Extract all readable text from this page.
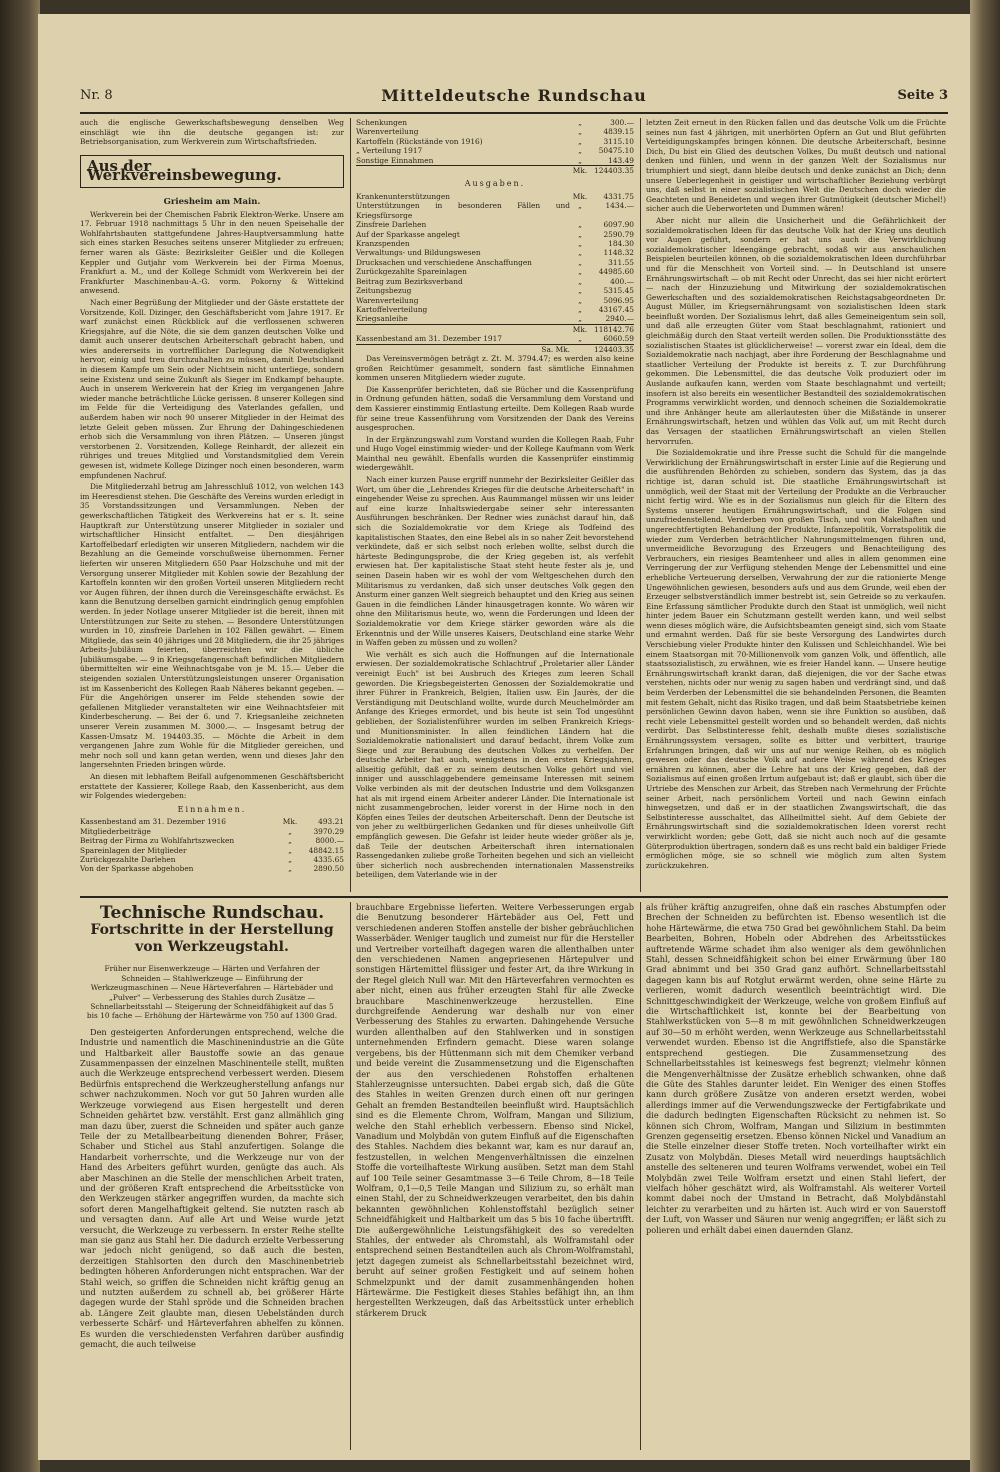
Nr. 8	Mitteldeutsche Rundschau	Seite 3

auch die englische Gewerkschaftsbewegung denselben Weg einschlägt wie ihn die deutsche gegangen ist: zur Betriebsorganisation, zum Werkverein zum Wirtschaftsfrieden.

Aus der Werkvereinsbewegung.
Griesheim am Main.

Werkverein bei der Chemischen Fabrik Elektron-Werke. Unsere am 17. Februar 1918 nachmittags 5 Uhr in den neuen Speisehalle der Wohlfahrtsbauten stattgefundene Jahres-Hauptversammlung hatte sich eines starken Besuches seitens unserer Mitglieder zu erfreuen; ferner waren als Gäste: Bezirksleiter Geißler und die Kollegen Keppler und Gutjahr vom Werkverein bei der Firma Moenus, Frankfurt a. M., und der Kollege Schmidt vom Werkverein bei der Frankfurter Maschinenbau-A.-G. vorm. Pokorny & Wittekind anwesend.

Nach einer Begrüßung der Mitglieder und der Gäste erstattete der Vorsitzende, Koll. Dizinger, den Geschäftsbericht vom Jahre 1917. Er warf zunächst einen Rückblick auf die verflossenen schweren Kriegsjahre, auf die Nöte, die sie dem ganzen deutschen Volke und damit auch unserer deutschen Arbeiterschaft gebracht haben, und wies andererseits in vortrefflicher Darlegung die Notwendigkeit hervor, einig und treu durchzuhalten zu müssen, damit Deutschland in diesem Kampfe um Sein oder Nichtsein nicht unterliege, sondern seine Existenz und seine Zukunft als Sieger im Endkampf behaupte. Auch in unserem Werkverein hat der Krieg im vergangenen Jahre wieder manche beträchtliche Lücke gerissen. 8 unserer Kollegen sind im Felde für die Verteidigung des Vaterlandes gefallen, und außerdem haben wir noch 90 unserer Mitglieder in der Heimat des letzte Geleit geben müssen. Zur Ehrung der Dahingeschiedenen erhob sich die Versammlung von ihren Plätzen. — Unseren jüngst verstorbenen 2. Vorsitzenden, Kollege Reinhardt, der allezeit ein rühriges und treues Mitglied und Vorstandsmitglied dem Verein gewesen ist, widmete Kollege Dizinger noch einen besonderen, warm empfundenen Nachruf.

Die Mitgliederzahl betrug am Jahresschluß 1012, von welchen 143 im Heeresdienst stehen. Die Geschäfte des Vereins wurden erledigt in 35 Vorstandssitzungen und Versammlungen. Neben der gewerkschaftlichen Tätigkeit des Werkvereins hat er s. It. seine Hauptkraft zur Unterstützung unserer Mitglieder in sozialer und wirtschaftlicher Hinsicht entfaltet. — Den diesjährigen Kartoffelbedarf erledigten wir unseren Mitgliedern, nachdem wir die Bezahlung an die Gemeinde vorschußweise übernommen. Ferner lieferten wir unseren Mitgliedern 650 Paar Holzschuhe und mit der Versorgung unserer Mitglieder mit Kohlen sowie der Bezahlung der Kartoffeln konnten wir den großen Vorteil unseren Mitgliedern recht vor Augen führen, der ihnen durch die Vereinsgeschäfte erwächst. Es kann die Benutzung derselben garnicht eindringlich genug empfohlen werden. In jeder Notlage unserer Mitglieder ist die bereit, ihnen mit Unterstützungen zur Seite zu stehen. — Besondere Unterstützungen wurden in 10, zinsfreie Darlehen in 102 Fällen gewährt. — Einem Mitgliede, das sein 40 jähriges und 28 Mitgliedern, die ihr 25 jähriges Arbeits-Jubiläum feierten, überreichten wir die übliche Jubiläumsgabe. — 9 in Kriegsgefangenschaft befindlichen Mitgliedern übermittelten wir eine Weihnachtsgabe von je M. 15.— Ueber die steigenden sozialen Unterstützungsleistungen unserer Organisation ist im Kassenbericht des Kollegen Raab Näheres bekannt gegeben. — Für die Angehörigen unserer im Felde stehenden sowie der gefallenen Mitglieder veranstalteten wir eine Weihnachtsfeier mit Kinderbescherung. — Bei der 6. und 7. Kriegsanleihe zeichneten unserer Verein zusammen M. 3000.—. — Insgesamt betrug der Kassen-Umsatz M. 194403.35. — Möchte die Arbeit in dem vergangenen Jahre zum Wohle für die Mitglieder gereichen, und mehr noch soll und kann getan werden, wenn und dieses Jahr den langersehnten Frieden bringen würde.

An diesen mit lebhaftem Beifall aufgenommenen Geschäftsbericht erstattete der Kassierer, Kollege Raab, den Kassenbericht, aus dem wir Folgendes wiedergeben:

Einnahmen.
Kassenbestand am 31. Dezember 1916	Mk.	493.21
Mitgliederbeiträge	„	3970.29
Beitrag der Firma zu Wohlfahrtszwecken	„	8000.—
Spareinlagen der Mitglieder	„	48842.15
Zurückgezahlte Darlehen	„	4335.65
Von der Sparkasse abgehoben	„	2890.50
Schenkungen	„	300.—
Warenverteilung	„	4839.15
Kartoffeln (Rückstände von 1916)	„	3115.10
„ Verteilung 1917	„	50475.10
Sonstige Einnahmen	„	143.49
	Mk.	124403.35
Ausgaben.
Krankenunterstützungen	Mk.	4331.75
Unterstützungen in besonderen Fällen und Kriegsfürsorge	„	1434.—
Zinsfreie Darlehen	„	6097.90
Auf der Sparkasse angelegt	„	2590.79
Kranzspenden	„	184.30
Verwaltungs- und Bildungswesen	„	1148.32
Drucksachen und verschiedene Anschaffungen	„	311.55
Zurückgezahlte Spareinlagen	„	44985.60
Beitrag zum Bezirksverband	„	400.—
Zeitungsbezug	„	5315.45
Warenverteilung	„	5096.95
Kartoffelverteilung	„	43167.45
Kriegsanleihe	„	2940.—
	Mk.	118142.76
Kassenbestand am 31. Dezember 1917	„	6060.59
Sa. Mk.		124403.35

Das Vereinsvermögen beträgt z. Zt. M. 3794.47; es werden also keine großen Reichtümer gesammelt, sondern fast sämtliche Einnahmen kommen unseren Mitgliedern wieder zugute.

Die Kassenprüfer berichteten, daß sie Bücher und die Kassenprüfung in Ordnung gefunden hätten, sodaß die Versammlung dem Vorstand und dem Kassierer einstimmig Entlastung erteilte. Dem Kollegen Raab wurde für seine treue Kassenführung vom Vorsitzenden der Dank des Vereins ausgesprochen.

In der Ergänzungswahl zum Vorstand wurden die Kollegen Raab, Fuhr und Hugo Vogel einstimmig wieder- und der Kollege Kaufmann vom Werk Mainthal neu gewählt. Ebenfalls wurden die Kassenprüfer einstimmig wiedergewählt.

Nach einer kurzen Pause ergriff nunmehr der Bezirksleiter Geißler das Wort, um über die „Lehrendes Krieges für die deutsche Arbeiterschaft" in eingehender Weise zu sprechen. Aus Raummangel müssen wir uns leider auf eine kurze Inhaltswiedergabe seiner sehr interessanten Ausführungen beschränken. Der Redner wies zunächst darauf hin, daß sich die Sozialdemokratie vor dem Kriege als Todfeind des kapitalistischen Staates, den eine Bebel als in so naher Zeit bevorstehend verkündete, daß er sich selbst noch erleben wollte, selbst durch die härteste Bedingungsprobe, die der Krieg gegeben ist, als verfehlt erwiesen hat. Der kapitalistische Staat steht heute fester als je, und seinen Dasein haben wir es wohl der vom Weltgeschehen durch den Militarismus zu verdanken, daß sich unser deutsches Volk gegen den Ansturm einer ganzen Welt siegreich behauptet und den Krieg aus seinen Gauen in die feindlichen Länder hinausgetragen konnte. Wo wären wir ohne den Militarismus heute, wo, wenn die Forderungen und Ideen der Sozialdemokratie vor dem Kriege stärker geworden wäre als die Erkenntnis und der Wille unseres Kaisers, Deutschland eine starke Wehr in Waffen geben zu müssen und zu wollen?

Wie verhält es sich auch die Hoffnungen auf die Internationale erwiesen. Der sozialdemokratische Schlachtruf „Proletarier aller Länder vereinigt Euch" ist bei Ausbruch des Krieges zum leeren Schall geworden. Die Kriegsbegeisterten Genossen der Sozialdemokratie und ihrer Führer in Frankreich, Belgien, Italien usw. Ein Jaurès, der die Verständigung mit Deutschland wollte, wurde durch Meuchelmörder am Anfange des Krieges ermordet, und bis heute ist sein Tod ungesühnt geblieben, der Sozialistenführer wurden im selben Frankreich Kriegs- und Munitionsminister. In allen feindlichen Ländern hat die Sozialdemokratie nationalisiert und darauf bedacht, ihrem Volke zum Siege und zur Beraubung des deutschen Volkes zu verhelfen. Der deutsche Arbeiter hat auch, wenigstens in den ersten Kriegsjahren, allseitig gefühlt, daß er zu seinem deutschen Volke gehört und viel inniger und ausschlaggebendere gemeinsame Interessen mit seinem Volke verbinden als mit der deutschen Industrie und dem Volksganzen hat als mit irgend einem Arbeiter anderer Länder. Die Internationale ist nicht zusammengebrochen, leider vorerst in der Hirne noch in den Köpfen eines Teiles der deutschen Arbeiterschaft. Denn der Deutsche ist von jeher zu weltbürgerlichen Gedanken und für dieses unheilvolle Gift empfänglich gewesen. Die Gefahr ist leider heute wieder größer als je, daß Teile der deutschen Arbeiterschaft ihren internationalen Rassengedanken zuliebe große Torheiten begehen und sich an vielleicht über sicherlich noch ausbrechenden internationalen Massenstreiks beteiligen, dem Vaterlande wie in der

letzten Zeit erneut in den Rücken fallen und das deutsche Volk um die Früchte seines nun fast 4 jährigen, mit unerhörten Opfern an Gut und Blut geführten Verteidigungskampfes bringen können. Die deutsche Arbeiterschaft, besinne Dich, Du bist ein Glied des deutschen Volkes, Du mußt deutsch und national denken und fühlen, und wenn in der ganzen Welt der Sozialismus nur triumphiert und siegt, dann bleibe deutsch und denke zunächst an Dich; denn unsere Ueberlegenheit in geistiger und wirtschaftlicher Beziehung verbürgt uns, daß selbst in einer sozialistischen Welt die Deutschen doch wieder die Geachteten und Beneideten und wegen ihrer Gutmütigkeit (deutscher Michel!) sicher auch die Ueberworteten und Dummen wären!

Aber nicht nur allein die Unsicherheit und die Gefährlichkeit der sozialdemokratischen Ideen für das deutsche Volk hat der Krieg uns deutlich vor Augen geführt, sondern er hat uns auch die Verwirklichung sozialdemokratischer Ideengänge gebracht, sodaß wir aus anschaulichen Beispielen beurteilen können, ob die sozialdemokratischen Ideen durchführbar und für die Menschheit von Vorteil sind. — In Deutschland ist unsere Ernährungswirtschaft — ob mit Recht oder Unrecht, das sei hier nicht erörtert — nach der Hinzuziehung und Mitwirkung der sozialdemokratischen Gewerkschaften und des sozialdemokratischen Reichstagsabgeordneten Dr. August Müller, im Kriegsernährungsamt von sozialistischen Ideen stark beeinflußt worden. Der Sozialismus lehrt, daß alles Gemeineigentum sein soll, und daß alle erzeugten Güter vom Staat beschlagnahmt, rationiert und gleichmäßig durch den Staat verteilt werden sollen. Die Produktionsstätte des sozialistischen Staates ist glücklicherweise! — vorerst zwar ein Ideal, dem die Sozialdemokratie nach nachjagt, aber ihre Forderung der Beschlagnahme und staatlicher Verteilung der Produkte ist bereits z. T. zur Durchführung gekommen. Die Lebensmittel, die das deutsche Volk produziert oder im Auslande aufkaufen kann, werden vom Staate beschlagnahmt und verteilt; insofern ist also bereits ein wesentlicher Bestandteil des sozialdemokratischen Programms verwirklicht worden, und dennoch scheinen die Sozialdemokratie und ihre Anhänger heute am allerlautesten über die Mißstände in unserer Ernährungswirtschaft, hetzen und wühlen das Volk auf, um mit Recht durch das Versagen der staatlichen Ernährungswirtschaft an vielen Stellen hervorrufen.

Die Sozialdemokratie und ihre Presse sucht die Schuld für die mangelnde Verwirklichung der Ernährungswirtschaft in erster Linie auf die Regierung und die ausführenden Behörden zu schieben, sondern das System, das ja das richtige ist, daran schuld ist. Die staatliche Ernährungswirtschaft ist unmöglich, weil der Staat mit der Verteilung der Produkte an die Verbraucher nicht fertig wird. Wie es in der Sozialismus nun gleich für die Eltern des Systems unserer heutigen Ernährungswirtschaft, und die Folgen sind unzufriedenstellend. Verderben von großen Tisch, und von Makelhaften und ungerechtfertigten Behandlung der Produkte, Infanzepolitik, Vorratspolitik die wieder zum Verderben beträchtlicher Nahrungsmittelmengen führen und, unvermeidliche Bevorzugung des Erzeugers und Benachteiligung des Verbrauchers, ein riesiges Beamtenheer und alles in allem genommen eine Verringerung der zur Verfügung stehenden Menge der Lebensmittel und eine erhebliche Verteuerung derselben, Verwahrung der zur die rationierte Menge Ungewöhnlichen gewiesen, besonders aufs und aus dem Grunde, weil eben der Erzeuger selbstverständlich immer bestrebt ist, sein Getreide so zu verkaufen. Eine Erfassung sämtlicher Produkte durch den Staat ist unmöglich, weil nicht hinter jedem Bauer ein Schutzmann gestellt werden kann, und weil selbst wenn dieses möglich wäre, die Aufsichtsbeamten geneigt sind, sich vom Staate und ermahnt werden. Daß für sie beste Versorgung des Landwirtes durch Verschiebung vieler Produkte hinter den Kulissen und Schleichhandel. Wie bei einem Staatsorgan mit 70-Millionenvolk vom ganzen Volk, und öffentlich, alle staatssozialistisch, zu erwähnen, wie es freier Handel kann. — Unsere heutige Ernährungswirtschaft krankt daran, daß diejenigen, die vor der Sache etwas verstehen, nichts oder nur wenig zu sagen haben und verdrängt sind, und daß beim Verderben der Lebensmittel die sie behandelnden Personen, die Beamten mit festem Gehalt, nicht das Risiko tragen, und daß beim Staatsbetriebe keinen persönlichen Gewinn davon haben, wenn sie ihre Funktion so ausüben, daß recht viele Lebensmittel gestellt worden und so behandelt werden, daß nichts verdirbt. Das Selbstinteresse fehlt, deshalb mußte dieses sozialistische Ernährungssystem versagen, sollte es bitter und verbittert, traurige Erfahrungen bringen, daß wir uns auf nur wenige Reihen, ob es möglich gewesen oder das deutsche Volk auf andere Weise während des Krieges ernähren zu können, aber die Lehre hat uns der Krieg gegeben, daß der Sozialismus auf einen großen Irrtum aufgebaut ist; daß er glaubt, sich über die Urtriebe des Menschen zur Arbeit, das Streben nach Vermehrung der Früchte seiner Arbeit, nach persönlichem Vorteil und nach Gewinn einfach hinwegsetzen, und daß er in der staatlichen Zwangswirtschaft, die das Selbstinteresse ausschaltet, das Allheilmittel sieht. Auf dem Gebiete der Ernährungswirtschaft sind die sozialdemokratischen Ideen vorerst recht verwirklicht worden; gebe Gott, daß sie nicht auch noch auf die gesamte Güterproduktion übertragen, sondern daß es uns recht bald ein baldiger Friede ermöglichen möge, sie so schnell wie möglich zum alten System zurückzukehren.

Technische Rundschau.
Fortschritte in der Herstellung von Werkzeugstahl.
Früher nur Eisenwerkzeuge — Härten und Verfahren der Schneiden — Stahlwerkzeuge — Einführung der Werkzeugmaschinen — Neue Härteverfahren — Härtebäder und „Pulver" — Verbesserung des Stahles durch Zusätze — Schnellarbeitsstahl — Steigerung der Schneidfähigkeit auf das 5 bis 10 fache — Erhöhung der Härtewärme von 750 auf 1300 Grad.

Den gesteigerten Anforderungen entsprechend, welche die Industrie und namentlich die Maschinenindustrie an die Güte und Haltbarkeit aller Baustoffe sowie an das genaue Zusammenpassen der einzelnen Maschinenteile stellt, mußten auch die Werkzeuge entsprechend verbessert werden. Diesem Bedürfnis entsprechend die Werkzeugherstellung anfangs nur schwer nachzukommen. Noch vor gut 50 Jahren wurden alle Werkzeuge vorwiegend aus Eisen hergestellt und deren Schneiden gehärtet bzw. verstählt. Erst ganz allmählich ging man dazu über, zuerst die Schneiden und später auch ganze Teile der zu Metallbearbeitung dienenden Bohrer, Fräser, Schaber und Stichel aus Stahl anzufertigen. Solange die Handarbeit vorherrschte, und die Werkzeuge nur von der Hand des Arbeiters geführt wurden, genügte das auch. Als aber Maschinen an die Stelle der menschlichen Arbeit traten, und der größeren Kraft entsprechend die Arbeitsstücke von den Werkzeugen stärker angegriffen wurden, da machte sich sofort deren Mangelhaftigkeit geltend. Sie nutzten rasch ab und versagten dann. Auf alle Art und Weise wurde jetzt versucht, die Werkzeuge zu verbessern. In erster Reihe stellte man sie ganz aus Stahl her. Die dadurch erzielte Verbesserung war jedoch nicht genügend, so daß auch die besten, derzeitigen Stahlsorten den durch den Maschinenbetrieb bedingten höheren Anforderungen nicht entsprachen. War der Stahl weich, so griffen die Schneiden nicht kräftig genug an und nutzten außerdem zu schnell ab, bei größerer Härte dagegen wurde der Stahl spröde und die Schneiden brachen ab. Längere Zeit glaubte man, diesen Uebelständen durch verbesserte Schärf- und Härteverfahren abhelfen zu können. Es wurden die verschiedensten Verfahren darüber ausfindig gemacht, die auch teilweise

brauchbare Ergebnisse lieferten. Weitere Verbesserungen ergab die Benutzung besonderer Härtebäder aus Oel, Fett und verschiedenen anderen Stoffen anstelle der bisher gebräuchlichen Wasserbäder. Weniger tauglich und zumeist nur für die Hersteller und Vertreiber vorteilhaft dagegen waren die allenthalben unter den verschiedenen Namen angepriesenen Härtepulver und sonstigen Härtemittel flüssiger und fester Art, da ihre Wirkung in der Regel gleich Null war. Mit den Härteverfahren vermochten es aber nicht, einen aus früher erzeugten Stahl für alle Zwecke brauchbare Maschinenwerkzeuge herzustellen. Eine durchgreifende Aenderung war deshalb nur von einer Verbesserung des Stahles zu erwarten. Dahingehende Versuche wurden allenthalben auf den Stahlwerken und in sonstigen unternehmenden Erfindern gemacht. Diese waren solange vergebens, bis der Hüttenmann sich mit dem Chemiker verband und beide vereint die Zusammensetzung und die Eigenschaften der aus den verschiedenen Rohstoffen erhaltenen Stahlerzeugnisse untersuchten. Dabei ergab sich, daß die Güte des Stahles in weiten Grenzen durch einen oft nur geringen Gehalt an fremden Bestandteilen beeinflußt wird. Hauptsächlich sind es die Elemente Chrom, Wolfram, Mangan und Silizium, welche den Stahl erheblich verbessern. Ebenso sind Nickel, Vanadium und Molybdän von gutem Einfluß auf die Eigenschaften des Stahles. Nachdem dies bekannt war, kam es nur darauf an, festzustellen, in welchen Mengenverhältnissen die einzelnen Stoffe die vorteilhafteste Wirkung ausüben. Setzt man dem Stahl auf 100 Teile seiner Gesamtmasse 3—6 Teile Chrom, 8—18 Teile Wolfram, 0,1—0,5 Teile Mangan und Silizium zu, so erhält man einen Stahl, der zu Schneidwerkzeugen verarbeitet, den bis dahin bekannten gewöhnlichen Kohlenstoffstahl bezüglich seiner Schneidfähigkeit und Haltbarkeit um das 5 bis 10 fache übertrifft. Die außergewöhnliche Leistungsfähigkeit des so veredelten Stahles, der entweder als Chromstahl, als Wolframstahl oder entsprechend seinen Bestandteilen auch als Chrom-Wolframstahl, jetzt dagegen zumeist als Schnellarbeitsstahl bezeichnet wird, beruht auf seiner großen Festigkeit und auf seinem hohen Schmelzpunkt und der damit zusammenhängenden hohen Härtewärme. Die Festigkeit dieses Stahles befähigt ihn, an ihm hergestellten Werkzeugen, daß das Arbeitsstück unter erheblich stärkerem Druck

als früher kräftig anzugreifen, ohne daß ein rasches Abstumpfen oder Brechen der Schneiden zu befürchten ist. Ebenso wesentlich ist die hohe Härtewärme, die etwa 750 Grad bei gewöhnlichem Stahl. Da beim Bearbeiten, Bohren, Hobeln oder Abdrehen des Arbeitsstückes auftretende Wärme schadet ihm also weniger als dem gewöhnlichen Stahl, dessen Schneidfähigkeit schon bei einer Erwärmung über 180 Grad abnimmt und bei 350 Grad ganz aufhört. Schnellarbeitsstahl dagegen kann bis auf Rotglut erwärmt werden, ohne seine Härte zu verlieren, womit dadurch wesentlich beeinträchtigt wird. Die Schnittgeschwindigkeit der Werkzeuge, welche von großem Einfluß auf die Wirtschaftlichkeit ist, konnte bei der Bearbeitung von Stahlwerkstücken von 5—8 m mit gewöhnlichen Schneidwerkzeugen auf 30—50 m erhöht werden, wenn Werkzeuge aus Schnellarbeitsstahl verwendet wurden. Ebenso ist die Angriffstiefe, also die Spanstärke entsprechend gestiegen. Die Zusammensetzung des Schnellarbeitsstahles ist keineswegs fest begrenzt; vielmehr können die Mengenverhältnisse der Zusätze erheblich schwanken, ohne daß die Güte des Stahles darunter leidet. Ein Weniger des einen Stoffes kann durch größere Zusätze von anderen ersetzt werden, wobei allerdings immer auf die Verwendungszwecke der Fertigfabrikate und die dadurch bedingten Eigenschaften Rücksicht zu nehmen ist. So können sich Chrom, Wolfram, Mangan und Silizium in bestimmten Grenzen gegenseitig ersetzen. Ebenso können Nickel und Vanadium an die Stelle einzelner dieser Stoffe treten. Noch vorteilhafter wirkt ein Zusatz von Molybdän. Dieses Metall wird neuerdings hauptsächlich anstelle des selteneren und teuren Wolframs verwendet, wobei ein Teil Molybdän zwei Teile Wolfram ersetzt und einen Stahl liefert, der vielfach höher geschätzt wird, als Wolframstahl. Als weiterer Vorteil kommt dabei noch der Umstand in Betracht, daß Molybdänstahl leichter zu verarbeiten und zu härten ist. Auch wird er von Sauerstoff der Luft, von Wasser und Säuren nur wenig angegriffen; er läßt sich zu polieren und erhält dabei einen dauernden Glanz.
